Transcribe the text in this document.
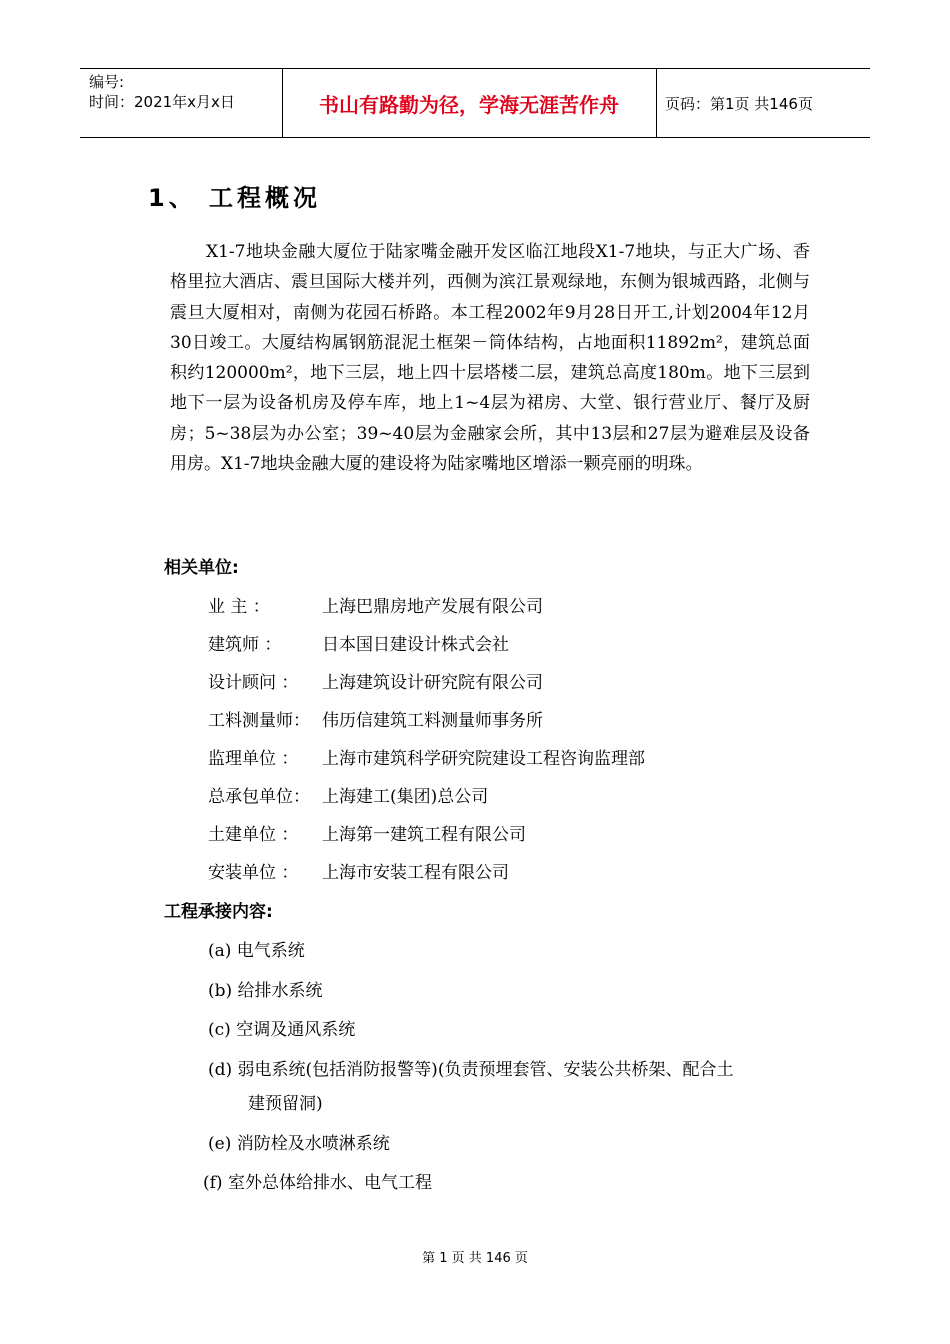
编号:
时间：2021年x月x日	书山有路勤为径，学海无涯苦作舟	页码：第1页 共146页
1、 工程概况

X1-7地块金融大厦位于陆家嘴金融开发区临江地段X1-7地块，与正大广场、香格里拉大酒店、震旦国际大楼并列，西侧为滨江景观绿地，东侧为银城西路，北侧与震旦大厦相对，南侧为花园石桥路。本工程2002年9月28日开工,计划2004年12月30日竣工。大厦结构属钢筋混泥土框架－筒体结构，占地面积11892m²，建筑总面积约120000m²，地下三层，地上四十层塔楼二层，建筑总高度180m。地下三层到地下一层为设备机房及停车库，地上1~4层为裙房、大堂、银行营业厅、餐厅及厨房；5~38层为办公室；39~40层为金融家会所，其中13层和27层为避难层及设备用房。X1-7地块金融大厦的建设将为陆家嘴地区增添一颗亮丽的明珠。

相关单位:
业 主 ：	上海巴鼎房地产发展有限公司
建筑师 ： 日本国日建设计株式会社
设计顾问 ： 上海建筑设计研究院有限公司
工料测量师： 伟历信建筑工料测量师事务所
监理单位 ： 上海市建筑科学研究院建设工程咨询监理部
总承包单位： 上海建工(集团)总公司
土建单位 ： 上海第一建筑工程有限公司
安装单位 ： 上海市安装工程有限公司
工程承接内容:
(a) 电气系统
(b) 给排水系统
(c) 空调及通风系统
(d) 弱电系统(包括消防报警等)(负责预埋套管、安装公共桥架、配合土
建预留洞)
(e) 消防栓及水喷淋系统
(f) 室外总体给排水、电气工程
第 1 页 共 146 页
